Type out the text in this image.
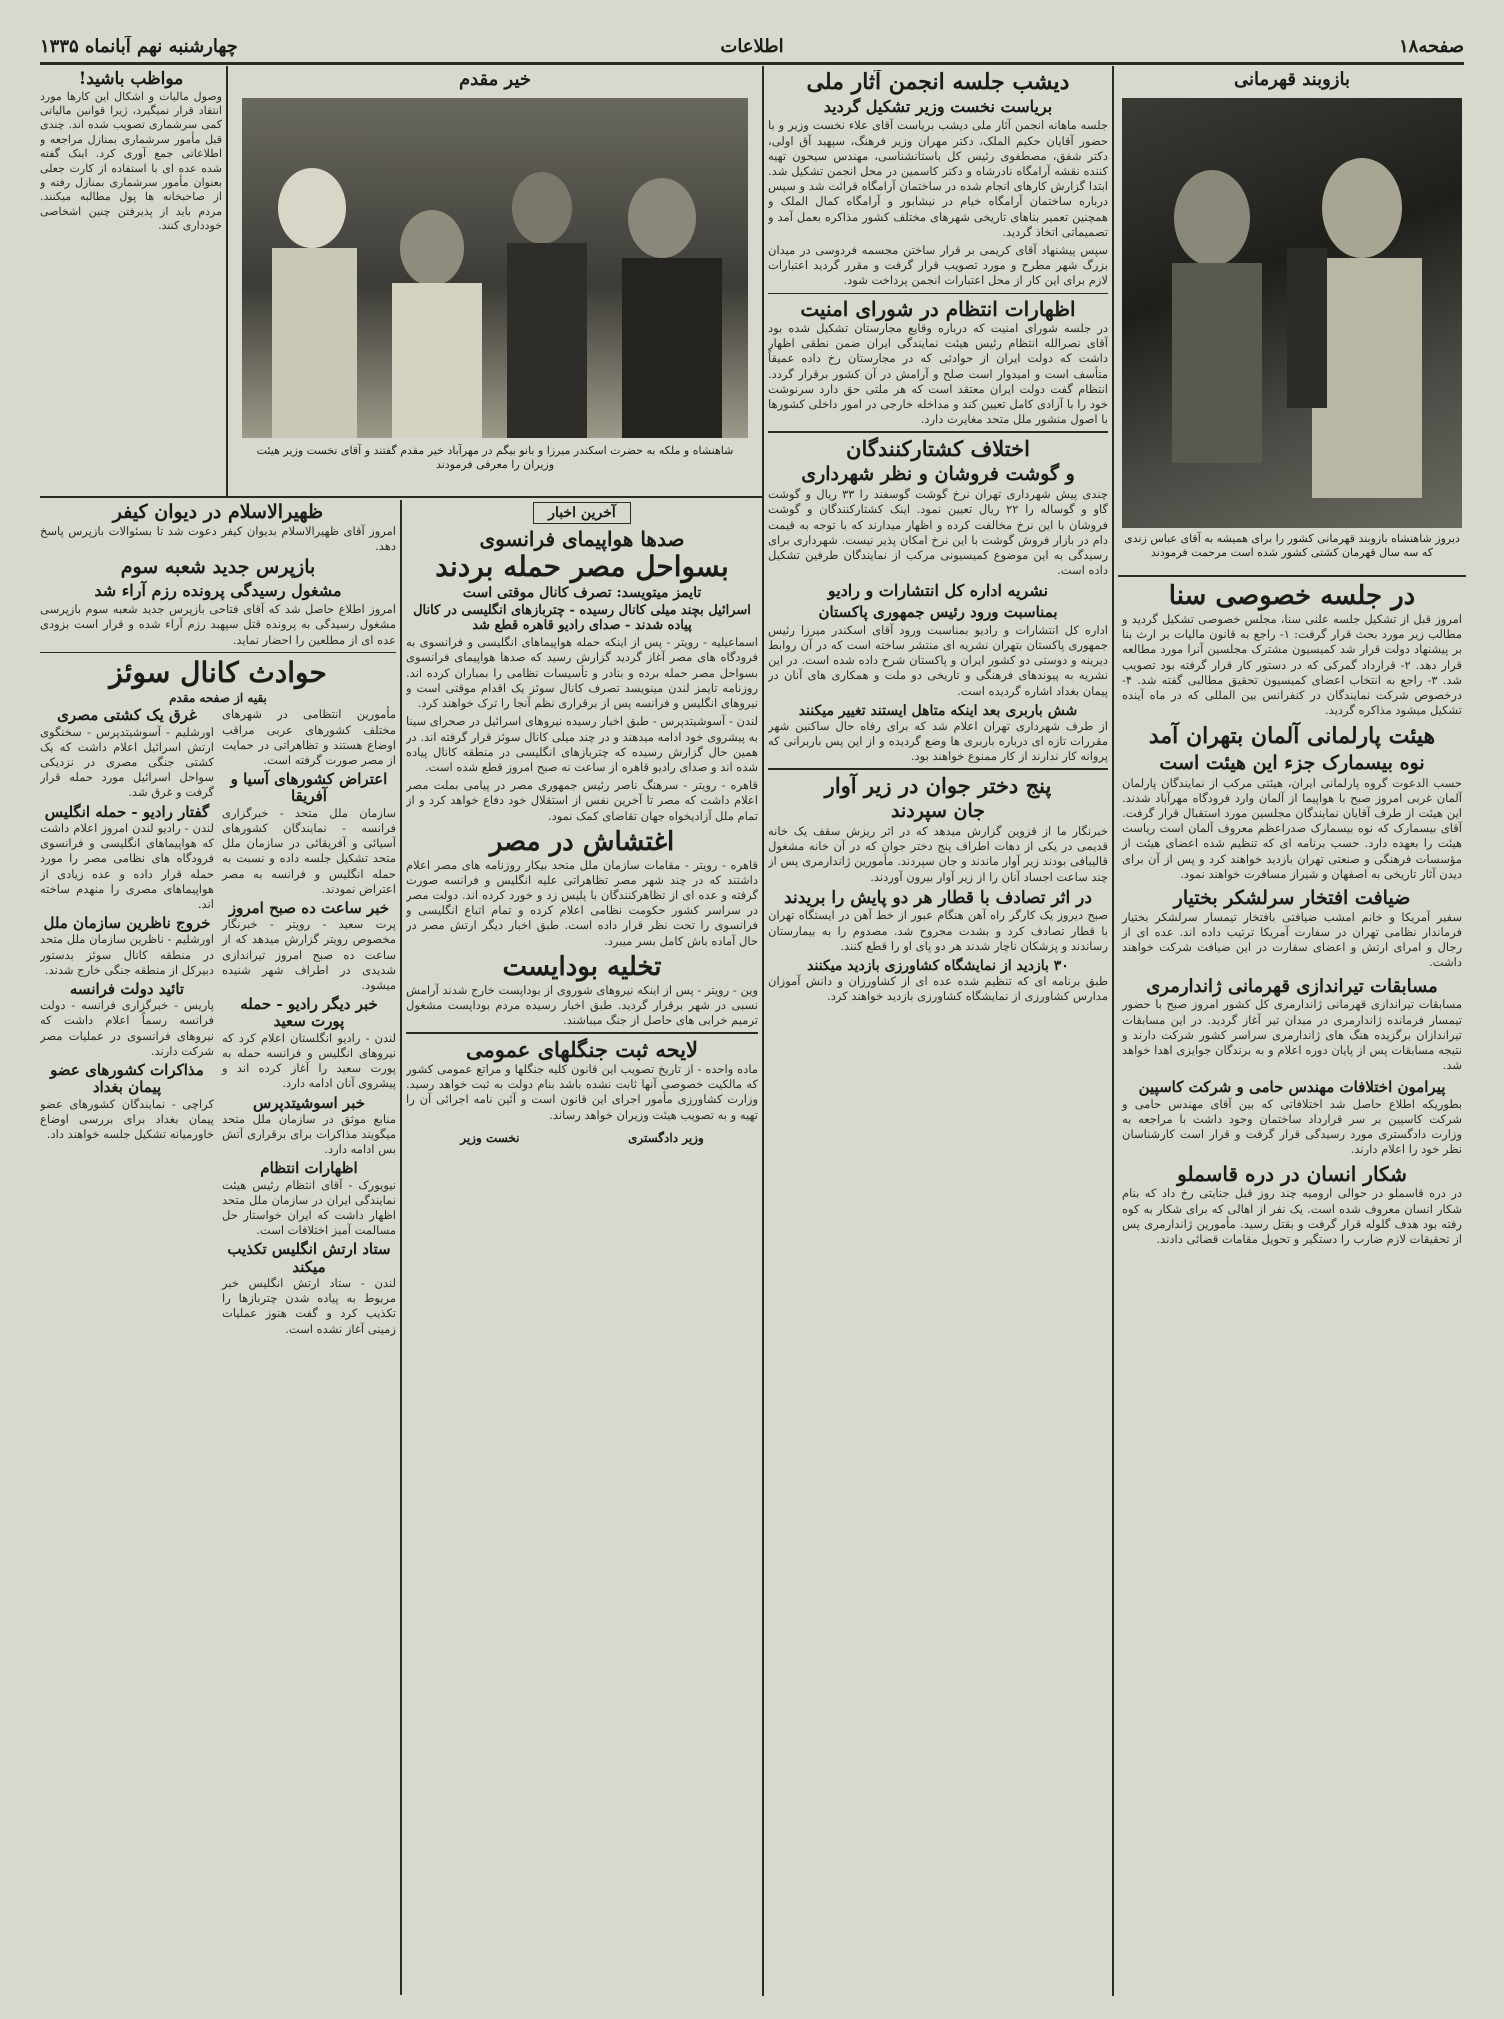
صفحه۱۸
اطلاعات
چهارشنبه نهم آبانماه ۱۳۳۵
بازوبند قهرمانی
دیروز شاهنشاه بازوبند قهرمانی کشور را برای همیشه به آقای عباس زندی که سه سال قهرمان کشتی کشور شده است مرحمت فرمودند
در جلسه خصوصی سنا

امروز قبل از تشکیل جلسه علنی سنا، مجلس خصوصی تشکیل گردید و مطالب زیر مورد بحث قرار گرفت: ۱- راجع به قانون مالیات بر ارث بنا بر پیشنهاد دولت قرار شد کمیسیون مشترک مجلسین آنرا مورد مطالعه قرار دهد. ۲- قرارداد گمرکی که در دستور کار قرار گرفته بود تصویب شد. ۳- راجع به انتخاب اعضای کمیسیون تحقیق مطالبی گفته شد. ۴- درخصوص شرکت نمایندگان در کنفرانس بین المللی که در ماه آینده تشکیل میشود مذاکره گردید.

هیئت پارلمانی آلمان بتهران آمد
نوه بیسمارک جزء این هیئت است

حسب الدعوت گروه پارلمانی ایران، هیئتی مرکب از نمایندگان پارلمان آلمان غربی امروز صبح با هواپیما از آلمان وارد فرودگاه مهرآباد شدند. این هیئت از طرف آقایان نمایندگان مجلسین مورد استقبال قرار گرفت. آقای بیسمارک که نوه بیسمارک صدراعظم معروف آلمان است ریاست هیئت را بعهده دارد. حسب برنامه ای که تنظیم شده اعضای هیئت از مؤسسات فرهنگی و صنعتی تهران بازدید خواهند کرد و پس از آن برای دیدن آثار تاریخی به اصفهان و شیراز مسافرت خواهند نمود.

ضیافت افتخار سرلشکر بختیار

سفیر آمریکا و خانم امشب ضیافتی بافتخار تیمسار سرلشکر بختیار فرماندار نظامی تهران در سفارت آمریکا ترتیب داده اند. عده ای از رجال و امرای ارتش و اعضای سفارت در این ضیافت شرکت خواهند داشت.

مسابقات تیراندازی قهرمانی ژاندارمری

مسابقات تیراندازی قهرمانی ژاندارمری کل کشور امروز صبح با حضور تیمسار فرمانده ژاندارمری در میدان تیر آغاز گردید. در این مسابقات تیراندازان برگزیده هنگ های ژاندارمری سراسر کشور شرکت دارند و نتیجه مسابقات پس از پایان دوره اعلام و به برندگان جوایزی اهدا خواهد شد.

پیرامون اختلافات مهندس حامی و شرکت کاسپین

بطوریکه اطلاع حاصل شد اختلافاتی که بین آقای مهندس حامی و شرکت کاسپین بر سر قرارداد ساختمان وجود داشت با مراجعه به وزارت دادگستری مورد رسیدگی قرار گرفت و قرار است کارشناسان نظر خود را اعلام دارند.

شکار انسان در دره قاسملو

در دره قاسملو در حوالی ارومیه چند روز قبل جنایتی رخ داد که بنام شکار انسان معروف شده است. یک نفر از اهالی که برای شکار به کوه رفته بود هدف گلوله قرار گرفت و بقتل رسید. مأمورین ژاندارمری پس از تحقیقات لازم ضارب را دستگیر و تحویل مقامات قضائی دادند.

دیشب جلسه انجمن آثار ملی
بریاست نخست وزیر تشکیل گردید

جلسه ماهانه انجمن آثار ملی دیشب بریاست آقای علاء نخست وزیر و با حضور آقایان حکیم الملک، دکتر مهران وزیر فرهنگ، سپهبد آق اولی، دکتر شفق، مصطفوی رئیس کل باستانشناسی، مهندس سیحون تهیه کننده نقشه آرامگاه نادرشاه و دکتر کاسمین در محل انجمن تشکیل شد. ابتدا گزارش کارهای انجام شده در ساختمان آرامگاه قرائت شد و سپس درباره ساختمان آرامگاه خیام در نیشابور و آرامگاه کمال الملک و همچنین تعمیر بناهای تاریخی شهرهای مختلف کشور مذاکره بعمل آمد و تصمیماتی اتخاذ گردید.

سپس پیشنهاد آقای کریمی بر قرار ساختن مجسمه فردوسی در میدان بزرگ شهر مطرح و مورد تصویب قرار گرفت و مقرر گردید اعتبارات لازم برای این کار از محل اعتبارات انجمن پرداخت شود.

اظهارات انتظام در شورای امنیت

در جلسه شورای امنیت که درباره وقایع مجارستان تشکیل شده بود آقای نصرالله انتظام رئیس هیئت نمایندگی ایران ضمن نطقی اظهار داشت که دولت ایران از حوادثی که در مجارستان رخ داده عمیقاً متأسف است و امیدوار است صلح و آرامش در آن کشور برقرار گردد. انتظام گفت دولت ایران معتقد است که هر ملتی حق دارد سرنوشت خود را با آزادی کامل تعیین کند و مداخله خارجی در امور داخلی کشورها با اصول منشور ملل متحد مغایرت دارد.

اختلاف کشتارکنندگان
و گوشت فروشان و نظر شهرداری

چندی پیش شهرداری تهران نرخ گوشت گوسفند را ۳۳ ریال و گوشت گاو و گوساله را ۲۲ ریال تعیین نمود. اینک کشتارکنندگان و گوشت فروشان با این نرخ مخالفت کرده و اظهار میدارند که با توجه به قیمت دام در بازار فروش گوشت با این نرخ امکان پذیر نیست. شهرداری برای رسیدگی به این موضوع کمیسیونی مرکب از نمایندگان طرفین تشکیل داده است.

نشریه اداره کل انتشارات و رادیو
بمناسبت ورود رئیس جمهوری پاکستان

اداره کل انتشارات و رادیو بمناسبت ورود آقای اسکندر میرزا رئیس جمهوری پاکستان بتهران نشریه ای منتشر ساخته است که در آن روابط دیرینه و دوستی دو کشور ایران و پاکستان شرح داده شده است. در این نشریه به پیوندهای فرهنگی و تاریخی دو ملت و همکاری های آنان در پیمان بغداد اشاره گردیده است.

شش باربری بعد اینکه متاهل ایستند تغییر میکنند

از طرف شهرداری تهران اعلام شد که برای رفاه حال ساکنین شهر مقررات تازه ای درباره باربری ها وضع گردیده و از این پس باربرانی که پروانه کار ندارند از کار ممنوع خواهند بود.

پنج دختر جوان در زیر آوار
جان سپردند

خبرنگار ما از قزوین گزارش میدهد که در اثر ریزش سقف یک خانه قدیمی در یکی از دهات اطراف پنج دختر جوان که در آن خانه مشغول قالیبافی بودند زیر آوار ماندند و جان سپردند. مأمورین ژاندارمری پس از چند ساعت اجساد آنان را از زیر آوار بیرون آوردند.

در اثر تصادف با قطار هر دو پایش را بریدند

صبح دیروز یک کارگر راه آهن هنگام عبور از خط آهن در ایستگاه تهران با قطار تصادف کرد و بشدت مجروح شد. مصدوم را به بیمارستان رساندند و پزشکان ناچار شدند هر دو پای او را قطع کنند.

۳۰ بازدید از نمایشگاه کشاورزی بازدید میکنند

طبق برنامه ای که تنظیم شده عده ای از کشاورزان و دانش آموزان مدارس کشاورزی از نمایشگاه کشاورزی بازدید خواهند کرد.

خیر مقدم
شاهنشاه و ملکه به حضرت اسکندر میرزا و بانو بیگم در مهرآباد خیر مقدم گفتند و آقای نخست وزیر هیئت وزیران را معرفی فرمودند
مواظب باشید!

وصول مالیات و اشکال این کارها مورد انتقاد قرار نمیگیرد، ژیرا قوانین مالیاتی کمی سرشماری تصویب شده اند. چندی قبل مأمور سرشماری بمنازل مراجعه و اطلاعاتی جمع آوری کرد. اینک گفته شده عده ای با استفاده از کارت جعلی بعنوان مأمور سرشماری بمنازل رفته و از صاحبخانه ها پول مطالبه میکنند. مردم باید از پذیرفتن چنین اشخاصی خودداری کنند.

ظهیرالاسلام در دیوان کیفر

امروز آقای ظهیرالاسلام بدیوان کیفر دعوت شد تا بسئوالات بازپرس پاسخ دهد.

بازپرس جدید شعبه سوم
مشغول رسیدگی پرونده رزم آراء شد

امروز اطلاع حاصل شد که آقای فتاحی بازپرس جدید شعبه سوم بازپرسی مشغول رسیدگی به پرونده قتل سپهبد رزم آراء شده و قرار است بزودی عده ای از مطلعین را احضار نماید.

حوادث کانال سوئز
بقیه از صفحه مقدم

مأمورین انتظامی در شهرهای مختلف کشورهای عربی مراقب اوضاع هستند و تظاهراتی در حمایت از مصر صورت گرفته است.

اعتراض کشورهای آسیا و آفریقا

سازمان ملل متحد - خبرگزاری فرانسه - نمایندگان کشورهای آسیائی و آفریقائی در سازمان ملل متحد تشکیل جلسه داده و نسبت به حمله انگلیس و فرانسه به مصر اعتراض نمودند.

خبر ساعت ده صبح امروز

پرت سعید - رویتر - خبرنگار مخصوص رویتر گزارش میدهد که از ساعت ده صبح امروز تیراندازی شدیدی در اطراف شهر شنیده میشود.

خبر دیگر رادیو - حمله پورت سعید

لندن - رادیو انگلستان اعلام کرد که نیروهای انگلیس و فرانسه حمله به پورت سعید را آغاز کرده اند و پیشروی آنان ادامه دارد.

خبر اسوشیتدپرس

منابع موثق در سازمان ملل متحد میگویند مذاکرات برای برقراری آتش بس ادامه دارد.

اظهارات انتظام

نیویورک - آقای انتظام رئیس هیئت نمایندگی ایران در سازمان ملل متحد اظهار داشت که ایران خواستار حل مسالمت آمیز اختلافات است.

ستاد ارتش انگلیس تکذیب میکند

لندن - ستاد ارتش انگلیس خبر مربوط به پیاده شدن چتربازها را تکذیب کرد و گفت هنوز عملیات زمینی آغاز نشده است.

غرق یک کشتی مصری

اورشلیم - آسوشیتدپرس - سخنگوی ارتش اسرائیل اعلام داشت که یک کشتی جنگی مصری در نزدیکی سواحل اسرائیل مورد حمله قرار گرفت و غرق شد.

گفتار رادیو - حمله انگلیس

لندن - رادیو لندن امروز اعلام داشت که هواپیماهای انگلیسی و فرانسوی فرودگاه های نظامی مصر را مورد حمله قرار داده و عده زیادی از هواپیماهای مصری را منهدم ساخته اند.

خروج ناظرین سازمان ملل

اورشلیم - ناظرین سازمان ملل متحد در منطقه کانال سوئز بدستور دبیرکل از منطقه جنگی خارج شدند.

تائید دولت فرانسه

پاریس - خبرگزاری فرانسه - دولت فرانسه رسماً اعلام داشت که نیروهای فرانسوی در عملیات مصر شرکت دارند.

مذاکرات کشورهای عضو پیمان بغداد

کراچی - نمایندگان کشورهای عضو پیمان بغداد برای بررسی اوضاع خاورمیانه تشکیل جلسه خواهند داد.

آخرین اخبار
صدها هواپیمای فرانسوی
بسواحل مصر حمله بردند
تایمز میتویسد: تصرف کانال موقتی است
اسرائیل بچند میلی کانال رسیده - چتربازهای انگلیسی در کانال پیاده شدند - صدای رادیو قاهره قطع شد

اسماعیلیه - رویتر - پس از اینکه حمله هواپیماهای انگلیسی و فرانسوی به فرودگاه های مصر آغاز گردید گزارش رسید که صدها هواپیمای فرانسوی بسواحل مصر حمله برده و بنادر و تأسیسات نظامی را بمباران کرده اند. روزنامه تایمز لندن مینویسد تصرف کانال سوئز یک اقدام موقتی است و نیروهای انگلیس و فرانسه پس از برقراری نظم آنجا را ترک خواهند کرد.

لندن - آسوشیتدپرس - طبق اخبار رسیده نیروهای اسرائیل در صحرای سینا به پیشروی خود ادامه میدهند و در چند میلی کانال سوئز قرار گرفته اند. در همین حال گزارش رسیده که چتربازهای انگلیسی در منطقه کانال پیاده شده اند و صدای رادیو قاهره از ساعت نه صبح امروز قطع شده است.

قاهره - رویتر - سرهنگ ناصر رئیس جمهوری مصر در پیامی بملت مصر اعلام داشت که مصر تا آخرین نفس از استقلال خود دفاع خواهد کرد و از تمام ملل آزادیخواه جهان تقاضای کمک نمود.

اغتشاش در مصر

قاهره - رویتر - مقامات سازمان ملل متحد بیکار روزنامه های مصر اعلام داشتند که در چند شهر مصر تظاهراتی علیه انگلیس و فرانسه صورت گرفته و عده ای از تظاهرکنندگان با پلیس زد و خورد کرده اند. دولت مصر در سراسر کشور حکومت نظامی اعلام کرده و تمام اتباع انگلیسی و فرانسوی را تحت نظر قرار داده است. طبق اخبار دیگر ارتش مصر در حال آماده باش کامل بسر میبرد.

تخلیه بودایست

وین - رویتر - پس از اینکه نیروهای شوروی از بوداپست خارج شدند آرامش نسبی در شهر برقرار گردید. طبق اخبار رسیده مردم بوداپست مشغول ترمیم خرابی های حاصل از جنگ میباشند.

لایحه ثبت جنگلهای عمومی

ماده واحده - از تاریخ تصویب این قانون کلیه جنگلها و مراتع عمومی کشور که مالکیت خصوصی آنها ثابت نشده باشد بنام دولت به ثبت خواهد رسید. وزارت کشاورزی مأمور اجرای این قانون است و آئین نامه اجرائی آن را تهیه و به تصویب هیئت وزیران خواهد رساند.

وزیر دادگستری
نخست وزیر
